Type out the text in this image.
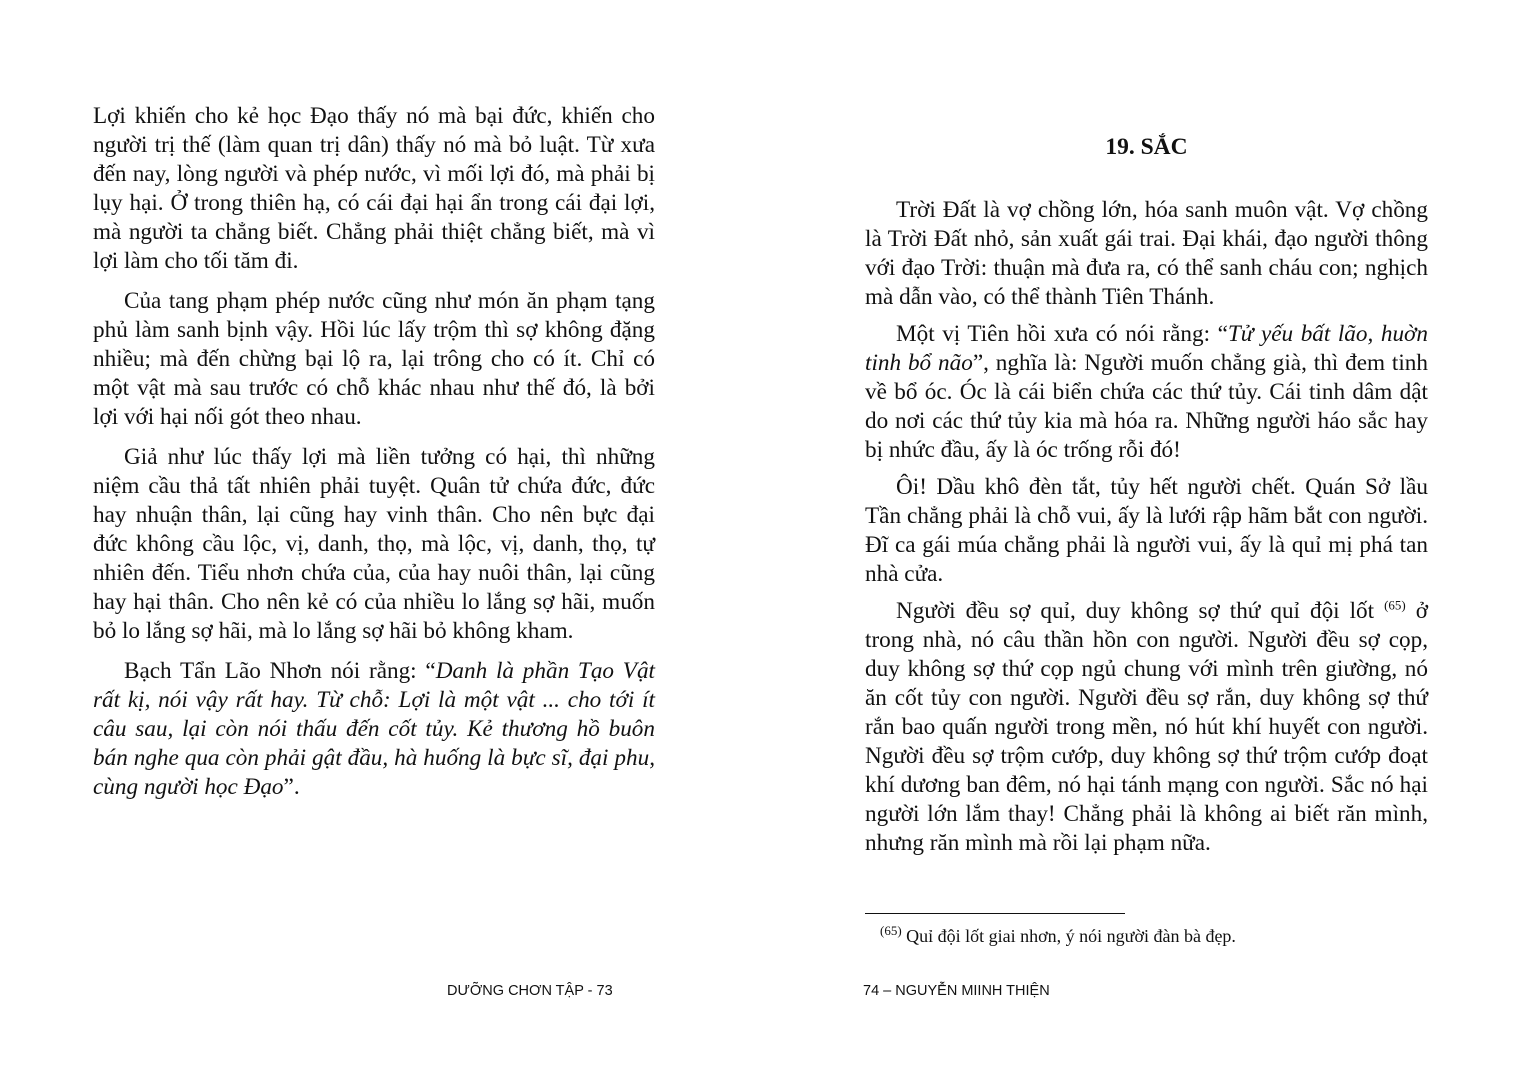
Lợi khiến cho kẻ học Đạo thấy nó mà bại đức, khiến cho người trị thế (làm quan trị dân) thấy nó mà bỏ luật. Từ xưa đến nay, lòng người và phép nước, vì mối lợi đó, mà phải bị lụy hại. Ở trong thiên hạ, có cái đại hại ẩn trong cái đại lợi, mà người ta chẳng biết. Chẳng phải thiệt chẳng biết, mà vì lợi làm cho tối tăm đi.

Của tang phạm phép nước cũng như món ăn phạm tạng phủ làm sanh bịnh vậy. Hồi lúc lấy trộm thì sợ không đặng nhiều; mà đến chừng bại lộ ra, lại trông cho có ít. Chỉ có một vật mà sau trước có chỗ khác nhau như thế đó, là bởi lợi với hại nối gót theo nhau.

Giả như lúc thấy lợi mà liền tưởng có hại, thì những niệm cầu thả tất nhiên phải tuyệt. Quân tử chứa đức, đức hay nhuận thân, lại cũng hay vinh thân. Cho nên bực đại đức không cầu lộc, vị, danh, thọ, mà lộc, vị, danh, thọ, tự nhiên đến. Tiểu nhơn chứa của, của hay nuôi thân, lại cũng hay hại thân. Cho nên kẻ có của nhiều lo lắng sợ hãi, muốn bỏ lo lắng sợ hãi, mà lo lắng sợ hãi bỏ không kham.

Bạch Tẩn Lão Nhơn nói rằng: “Danh là phần Tạo Vật rất kị, nói vậy rất hay. Từ chỗ: Lợi là một vật ... cho tới ít câu sau, lại còn nói thấu đến cốt tủy. Kẻ thương hồ buôn bán nghe qua còn phải gật đầu, hà huống là bực sĩ, đại phu, cùng người học Đạo”.

19. SẮC

Trời Đất là vợ chồng lớn, hóa sanh muôn vật. Vợ chồng là Trời Đất nhỏ, sản xuất gái trai. Đại khái, đạo người thông với đạo Trời: thuận mà đưa ra, có thể sanh cháu con; nghịch mà dẫn vào, có thể thành Tiên Thánh.

Một vị Tiên hồi xưa có nói rằng: “Tử yếu bất lão, huờn tinh bổ não”, nghĩa là: Người muốn chẳng già, thì đem tinh về bổ óc. Óc là cái biển chứa các thứ tủy. Cái tinh dâm dật do nơi các thứ tủy kia mà hóa ra. Những người háo sắc hay bị nhức đầu, ấy là óc trống rỗi đó!

Ôi! Dầu khô đèn tắt, tủy hết người chết. Quán Sở lầu Tần chẳng phải là chỗ vui, ấy là lưới rập hãm bắt con người. Đĩ ca gái múa chẳng phải là người vui, ấy là quỉ mị phá tan nhà cửa.

Người đều sợ quỉ, duy không sợ thứ quỉ đội lốt $^{(65)}$ ở trong nhà, nó câu thần hồn con người. Người đều sợ cọp, duy không sợ thứ cọp ngủ chung với mình trên giường, nó ăn cốt tủy con người. Người đều sợ rắn, duy không sợ thứ rắn bao quấn người trong mền, nó hút khí huyết con người. Người đều sợ trộm cướp, duy không sợ thứ trộm cướp đoạt khí dương ban đêm, nó hại tánh mạng con người. Sắc nó hại người lớn lắm thay! Chẳng phải là không ai biết răn mình, nhưng răn mình mà rồi lại phạm nữa.

$^{(65)}$ Quỉ đội lốt giai nhơn, ý nói người đàn bà đẹp.

DƯỠNG CHƠN TẬP - 73	74 – NGUYỄN MIINH THIỆN
